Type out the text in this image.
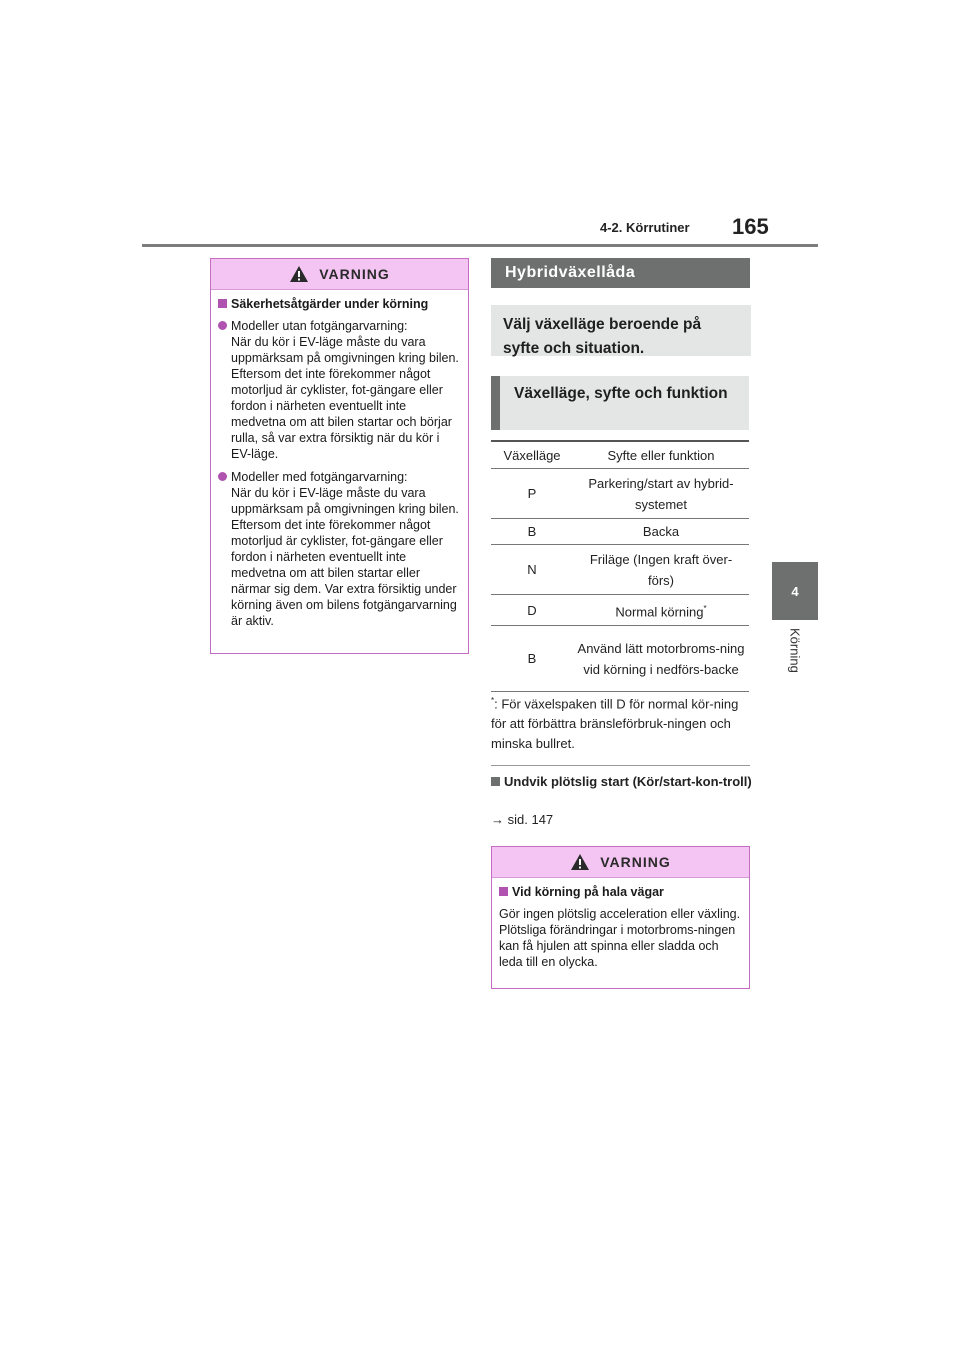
4-2. Körrutiner 165
4
Körning
VARNING
Säkerhetsåtgärder under körning

Modeller utan fotgängarvarning:

När du kör i EV-läge måste du vara uppmärksam på omgivningen kring bilen. Eftersom det inte förekommer något motorljud är cyklister, fot-gängare eller fordon i närheten eventuellt inte medvetna om att bilen startar och börjar rulla, så var extra försiktig när du kör i EV-läge.

Modeller med fotgängarvarning:

När du kör i EV-läge måste du vara uppmärksam på omgivningen kring bilen. Eftersom det inte förekommer något motorljud är cyklister, fot-gängare eller fordon i närheten eventuellt inte medvetna om att bilen startar eller närmar sig dem. Var extra försiktig under körning även om bilens fotgängarvarning är aktiv.

Hybridväxellåda
Välj växelläge beroende på syfte och situation.
Växelläge, syfte och funktion
Växelläge	Syfte eller funktion
P	Parkering/start av hybrid-systemet
B	Backa
N	Friläge (Ingen kraft över-förs)
D	Normal körning*
B	Använd lätt motorbroms-ning vid körning i nedförs-backe
*: För växelspaken till D för normal kör-ning för att förbättra bränsleförbruk-ningen och minska bullret.
Undvik plötslig start (Kör/start-kon-troll)
→ sid. 147
VARNING
Vid körning på hala vägar

Gör ingen plötslig acceleration eller växling.

Plötsliga förändringar i motorbroms-ningen kan få hjulen att spinna eller sladda och leda till en olycka.
